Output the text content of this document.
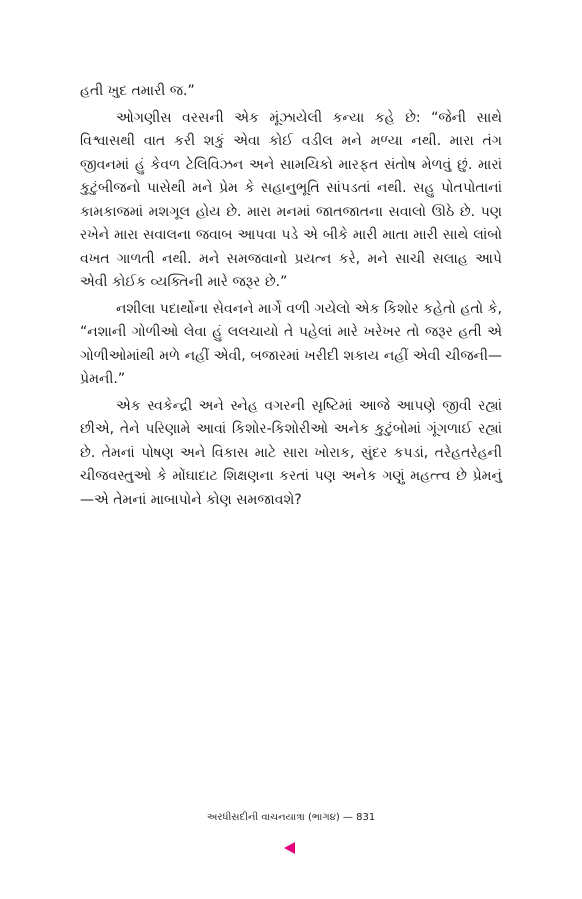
હતી ખુદ તમારી જ.”

ઓગણીસ વરસની એક મૂંઝાયેલી કન્યા કહે છે: “જેની સાથે વિશ્વાસથી વાત કરી શકું એવા કોઈ વડીલ મને મળ્યા નથી. મારા તંગ જીવનમાં હું કેવળ ટેલિવિઝન અને સામયિકો મારફત સંતોષ મેળવું છું. મારાં કુટુંબીજનો પાસેથી મને પ્રેમ કે સહાનુભૂતિ સાંપડતાં નથી. સહુ પોતપોતાનાં કામકાજમાં મશગૂલ હોય છે. મારા મનમાં જાતજાતના સવાલો ઊઠે છે. પણ રખેને મારા સવાલના જવાબ આપવા પડે એ બીકે મારી માતા મારી સાથે લાંબો વખત ગાળતી નથી. મને સમજવાનો પ્રયત્ન કરે, મને સાચી સલાહ આપે એવી કોઈક વ્યક્તિની મારે જરૂર છે.”

નશીલા પદાર્થોના સેવનને માર્ગે વળી ગયેલો એક કિશોર કહેતો હતો કે, “નશાની ગોળીઓ લેવા હું લલચાયો તે પહેલાં મારે ખરેખર તો જરૂર હતી એ ગોળીઓમાંથી મળે નહીં એવી, બજારમાં ખરીદી શકાય નહીં એવી ચીજની—પ્રેમની.”

એક સ્વકેન્દ્રી અને સ્નેહ વગરની સૃષ્ટિમાં આજે આપણે જીવી રહ્યાં છીએ, તેને પરિણામે આવાં કિશોર-કિશોરીઓ અનેક કુટુંબોમાં ગૂંગળાઈ રહ્યાં છે. તેમનાં પોષણ અને વિકાસ માટે સારા ખોરાક, સુંદર કપડાં, તરેહતરેહની ચીજવસ્તુઓ કે મોંઘાદાટ શિક્ષણના કરતાં પણ અનેક ગણું મહત્ત્વ છે પ્રેમનું—એ તેમનાં માબાપોને કોણ સમજાવશે?

અરધીસદીની વાચનયાત્રા (ભાગ૪) — 831
